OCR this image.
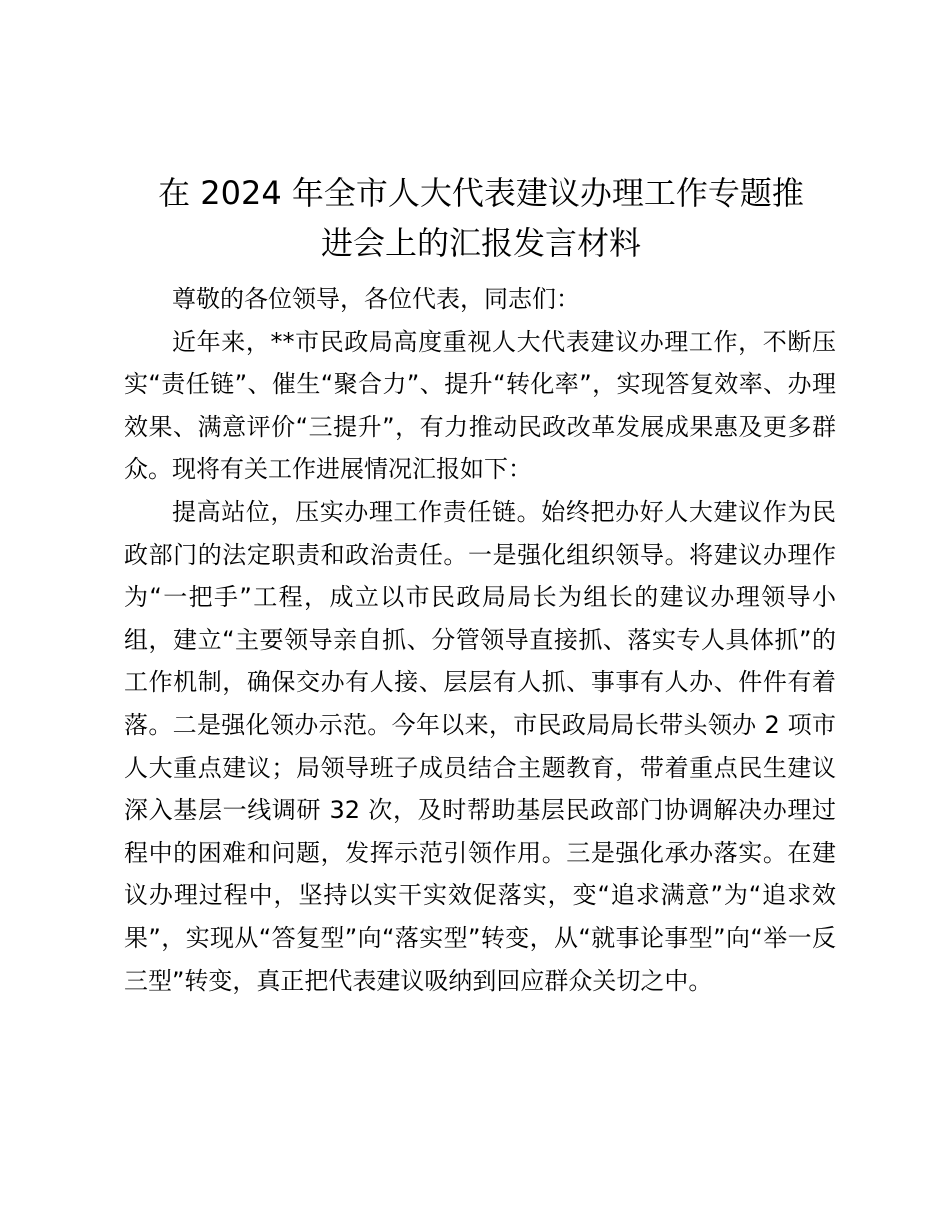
在 2024 年全市人大代表建议办理工作专题推
进会上的汇报发言材料

尊敬的各位领导，各位代表，同志们：

近年来，**市民政局高度重视人大代表建议办理工作，不断压实“责任链”、催生“聚合力”、提升“转化率”，实现答复效率、办理效果、满意评价“三提升”，有力推动民政改革发展成果惠及更多群众。现将有关工作进展情况汇报如下：

提高站位，压实办理工作责任链。始终把办好人大建议作为民政部门的法定职责和政治责任。一是强化组织领导。将建议办理作为“一把手”工程，成立以市民政局局长为组长的建议办理领导小组，建立“主要领导亲自抓、分管领导直接抓、落实专人具体抓”的工作机制，确保交办有人接、层层有人抓、事事有人办、件件有着落。二是强化领办示范。今年以来，市民政局局长带头领办 2 项市人大重点建议；局领导班子成员结合主题教育，带着重点民生建议深入基层一线调研 32 次，及时帮助基层民政部门协调解决办理过程中的困难和问题，发挥示范引领作用。三是强化承办落实。在建议办理过程中，坚持以实干实效促落实，变“追求满意”为“追求效果”，实现从“答复型”向“落实型”转变，从“就事论事型”向“举一反三型”转变，真正把代表建议吸纳到回应群众关切之中。
